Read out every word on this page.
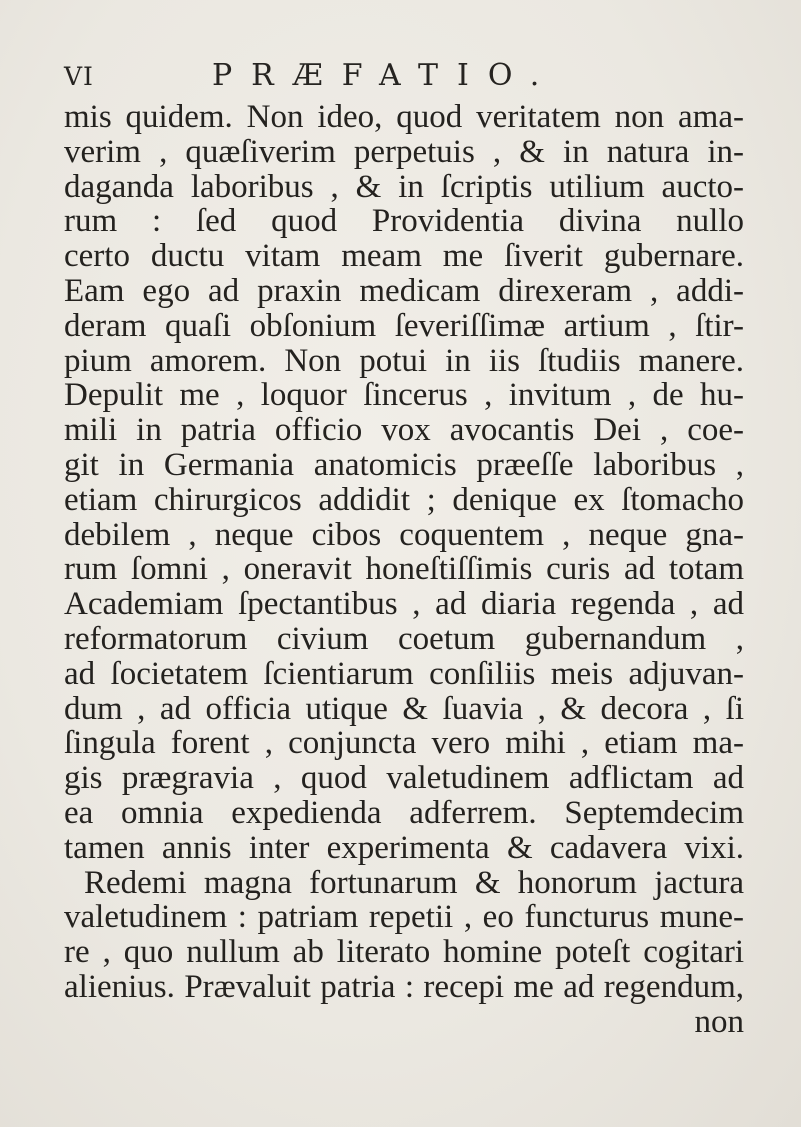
VI	PRÆFATIO.
mis quidem. Non ideo, quod veritatem non ama-
verim , quæſiverim perpetuis , & in natura in-
daganda laboribus , & in ſcriptis utilium aucto-
rum : ſed quod Providentia divina nullo
certo ductu vitam meam me ſiverit gubernare.
Eam ego ad praxin medicam direxeram , addi-
deram quaſi obſonium ſeveriſſimæ artium , ſtir-
pium amorem. Non potui in iis ſtudiis manere.
Depulit me , loquor ſincerus , invitum , de hu-
mili in patria officio vox avocantis Dei , coe-
git in Germania anatomicis præeſſe laboribus ,
etiam chirurgicos addidit ; denique ex ſtomacho
debilem , neque cibos coquentem , neque gna-
rum ſomni , oneravit honeſtiſſimis curis ad totam
Academiam ſpectantibus , ad diaria regenda , ad
reformatorum civium coetum gubernandum ,
ad ſocietatem ſcientiarum conſiliis meis adjuvan-
dum , ad officia utique & ſuavia , & decora , ſi
ſingula forent , conjuncta vero mihi , etiam ma-
gis prægravia , quod valetudinem adflictam ad
ea omnia expedienda adferrem. Septemdecim
tamen annis inter experimenta & cadavera vixi.
Redemi magna fortunarum & honorum jactura
valetudinem : patriam repetii , eo functurus mune-
re , quo nullum ab literato homine poteſt cogitari
alienius. Prævaluit patria : recepi me ad regendum,
non
